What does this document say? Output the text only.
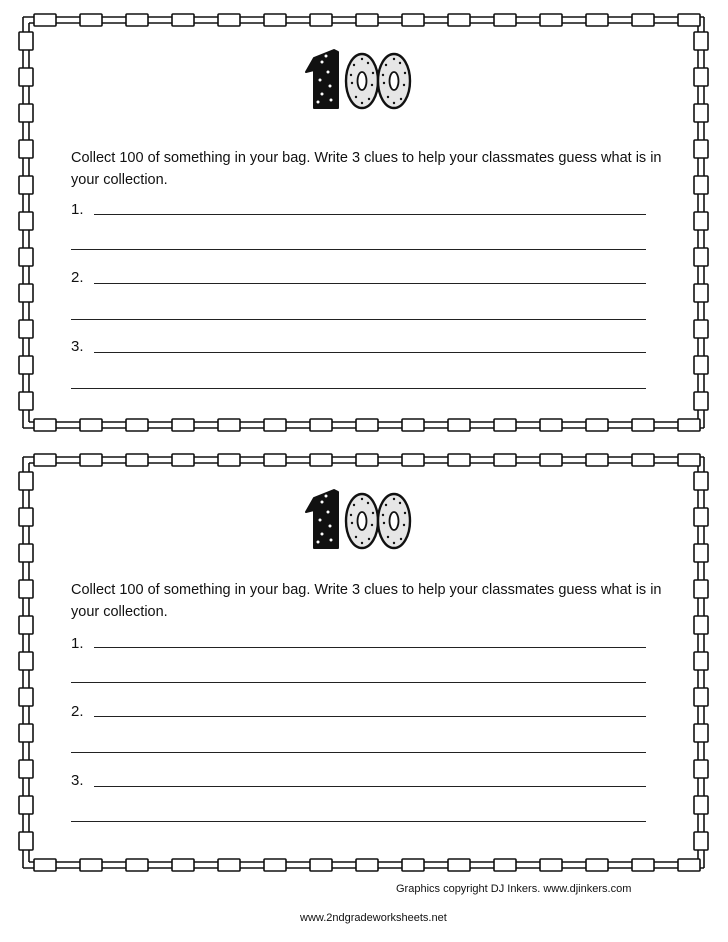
Collect 100 of something in your bag. Write 3 clues to help your classmates guess what is in your collection.

1.
2.
3.

Collect 100 of something in your bag. Write 3 clues to help your classmates guess what is in your collection.

1.
2.
3.
Graphics copyright DJ Inkers. www.djinkers.com
www.2ndgradeworksheets.net
